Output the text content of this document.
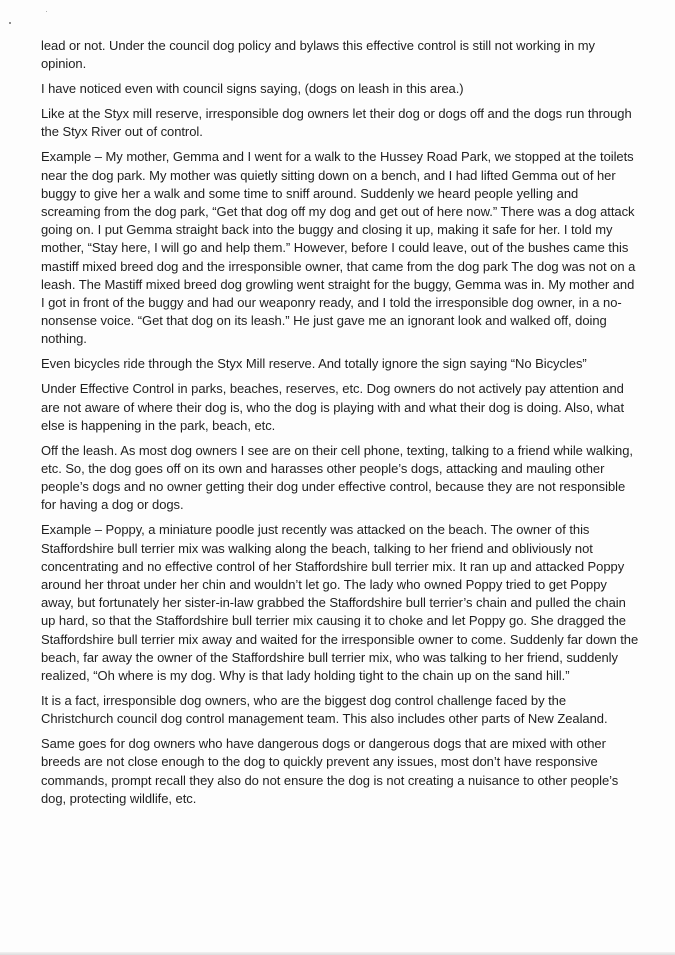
lead or not. Under the council dog policy and bylaws this effective control is still not working in my opinion.

I have noticed even with council signs saying, (dogs on leash in this area.)

Like at the Styx mill reserve, irresponsible dog owners let their dog or dogs off and the dogs run through the Styx River out of control.

Example – My mother, Gemma and I went for a walk to the Hussey Road Park, we stopped at the toilets near the dog park. My mother was quietly sitting down on a bench, and I had lifted Gemma out of her buggy to give her a walk and some time to sniff around. Suddenly we heard people yelling and screaming from the dog park, “Get that dog off my dog and get out of here now.” There was a dog attack going on. I put Gemma straight back into the buggy and closing it up, making it safe for her. I told my mother, “Stay here, I will go and help them.” However, before I could leave, out of the bushes came this mastiff mixed breed dog and the irresponsible owner, that came from the dog park The dog was not on a leash. The Mastiff mixed breed dog growling went straight for the buggy, Gemma was in. My mother and I got in front of the buggy and had our weaponry ready, and I told the irresponsible dog owner, in a no-nonsense voice. “Get that dog on its leash.” He just gave me an ignorant look and walked off, doing nothing.

Even bicycles ride through the Styx Mill reserve. And totally ignore the sign saying “No Bicycles”

Under Effective Control in parks, beaches, reserves, etc. Dog owners do not actively pay attention and are not aware of where their dog is, who the dog is playing with and what their dog is doing. Also, what else is happening in the park, beach, etc.

Off the leash. As most dog owners I see are on their cell phone, texting, talking to a friend while walking, etc. So, the dog goes off on its own and harasses other people’s dogs, attacking and mauling other people’s dogs and no owner getting their dog under effective control, because they are not responsible for having a dog or dogs.

Example – Poppy, a miniature poodle just recently was attacked on the beach. The owner of this Staffordshire bull terrier mix was walking along the beach, talking to her friend and obliviously not concentrating and no effective control of her Staffordshire bull terrier mix. It ran up and attacked Poppy around her throat under her chin and wouldn’t let go. The lady who owned Poppy tried to get Poppy away, but fortunately her sister-in-law grabbed the Staffordshire bull terrier’s chain and pulled the chain up hard, so that the Staffordshire bull terrier mix causing it to choke and let Poppy go. She dragged the Staffordshire bull terrier mix away and waited for the irresponsible owner to come. Suddenly far down the beach, far away the owner of the Staffordshire bull terrier mix, who was talking to her friend, suddenly realized, “Oh where is my dog. Why is that lady holding tight to the chain up on the sand hill.”

It is a fact, irresponsible dog owners, who are the biggest dog control challenge faced by the Christchurch council dog control management team. This also includes other parts of New Zealand.

Same goes for dog owners who have dangerous dogs or dangerous dogs that are mixed with other breeds are not close enough to the dog to quickly prevent any issues, most don’t have responsive commands, prompt recall they also do not ensure the dog is not creating a nuisance to other people’s dog, protecting wildlife, etc.
